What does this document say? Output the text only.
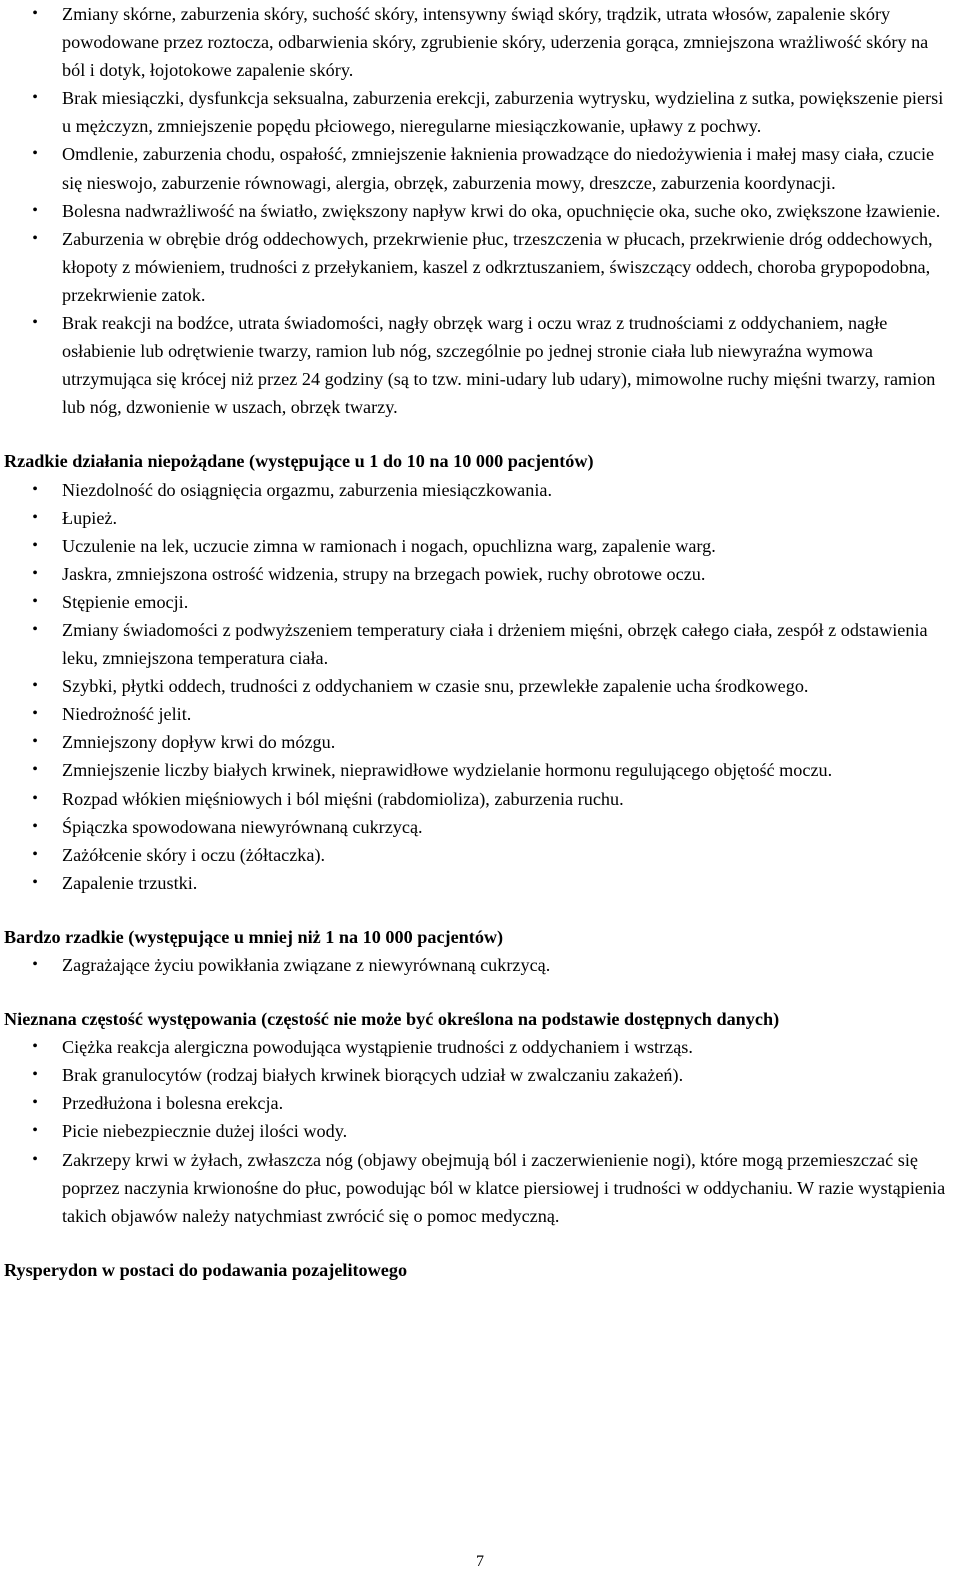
• Zmiany skórne, zaburzenia skóry, suchość skóry, intensywny świąd skóry, trądzik, utrata włosów, zapalenie skóry powodowane przez roztocza, odbarwienia skóry, zgrubienie skóry, uderzenia gorąca, zmniejszona wrażliwość skóry na ból i dotyk, łojotokowe zapalenie skóry.
• Brak miesiączki, dysfunkcja seksualna, zaburzenia erekcji, zaburzenia wytrysku, wydzielina z sutka, powiększenie piersi u mężczyzn, zmniejszenie popędu płciowego, nieregularne miesiączkowanie, upławy z pochwy.
• Omdlenie, zaburzenia chodu, ospałość, zmniejszenie łaknienia prowadzące do niedożywienia i małej masy ciała, czucie się nieswojo, zaburzenie równowagi, alergia, obrzęk, zaburzenia mowy, dreszcze, zaburzenia koordynacji.
• Bolesna nadwrażliwość na światło, zwiększony napływ krwi do oka, opuchnięcie oka, suche oko, zwiększone łzawienie.
• Zaburzenia w obrębie dróg oddechowych, przekrwienie płuc, trzeszczenia w płucach, przekrwienie dróg oddechowych, kłopoty z mówieniem, trudności z przełykaniem, kaszel z odkrztuszaniem, świszczący oddech, choroba grypopodobna, przekrwienie zatok.
• Brak reakcji na bodźce, utrata świadomości, nagły obrzęk warg i oczu wraz z trudnościami z oddychaniem, nagłe osłabienie lub odrętwienie twarzy, ramion lub nóg, szczególnie po jednej stronie ciała lub niewyraźna wymowa utrzymująca się krócej niż przez 24 godziny (są to tzw. mini-udary lub udary), mimowolne ruchy mięśni twarzy, ramion lub nóg, dzwonienie w uszach, obrzęk twarzy.

Rzadkie działania niepożądane (występujące u 1 do 10 na 10 000 pacjentów)

• Niezdolność do osiągnięcia orgazmu, zaburzenia miesiączkowania.
• Łupież.
• Uczulenie na lek, uczucie zimna w ramionach i nogach, opuchlizna warg, zapalenie warg.
• Jaskra, zmniejszona ostrość widzenia, strupy na brzegach powiek, ruchy obrotowe oczu.
• Stępienie emocji.
• Zmiany świadomości z podwyższeniem temperatury ciała i drżeniem mięśni, obrzęk całego ciała, zespół z odstawienia leku, zmniejszona temperatura ciała.
• Szybki, płytki oddech, trudności z oddychaniem w czasie snu, przewlekłe zapalenie ucha środkowego.
• Niedrożność jelit.
• Zmniejszony dopływ krwi do mózgu.
• Zmniejszenie liczby białych krwinek, nieprawidłowe wydzielanie hormonu regulującego objętość moczu.
• Rozpad włókien mięśniowych i ból mięśni (rabdomioliza), zaburzenia ruchu.
• Śpiączka spowodowana niewyrównaną cukrzycą.
• Zażółcenie skóry i oczu (żółtaczka).
• Zapalenie trzustki.

Bardzo rzadkie (występujące u mniej niż 1 na 10 000 pacjentów)

• Zagrażające życiu powikłania związane z niewyrównaną cukrzycą.

Nieznana częstość występowania (częstość nie może być określona na podstawie dostępnych danych)

• Ciężka reakcja alergiczna powodująca wystąpienie trudności z oddychaniem i wstrząs.
• Brak granulocytów (rodzaj białych krwinek biorących udział w zwalczaniu zakażeń).
• Przedłużona i bolesna erekcja.
• Picie niebezpiecznie dużej ilości wody.
• Zakrzepy krwi w żyłach, zwłaszcza nóg (objawy obejmują ból i zaczerwienienie nogi), które mogą przemieszczać się poprzez naczynia krwionośne do płuc, powodując ból w klatce piersiowej i trudności w oddychaniu. W razie wystąpienia takich objawów należy natychmiast zwrócić się o pomoc medyczną.

Rysperydon w postaci do podawania pozajelitowego

7
